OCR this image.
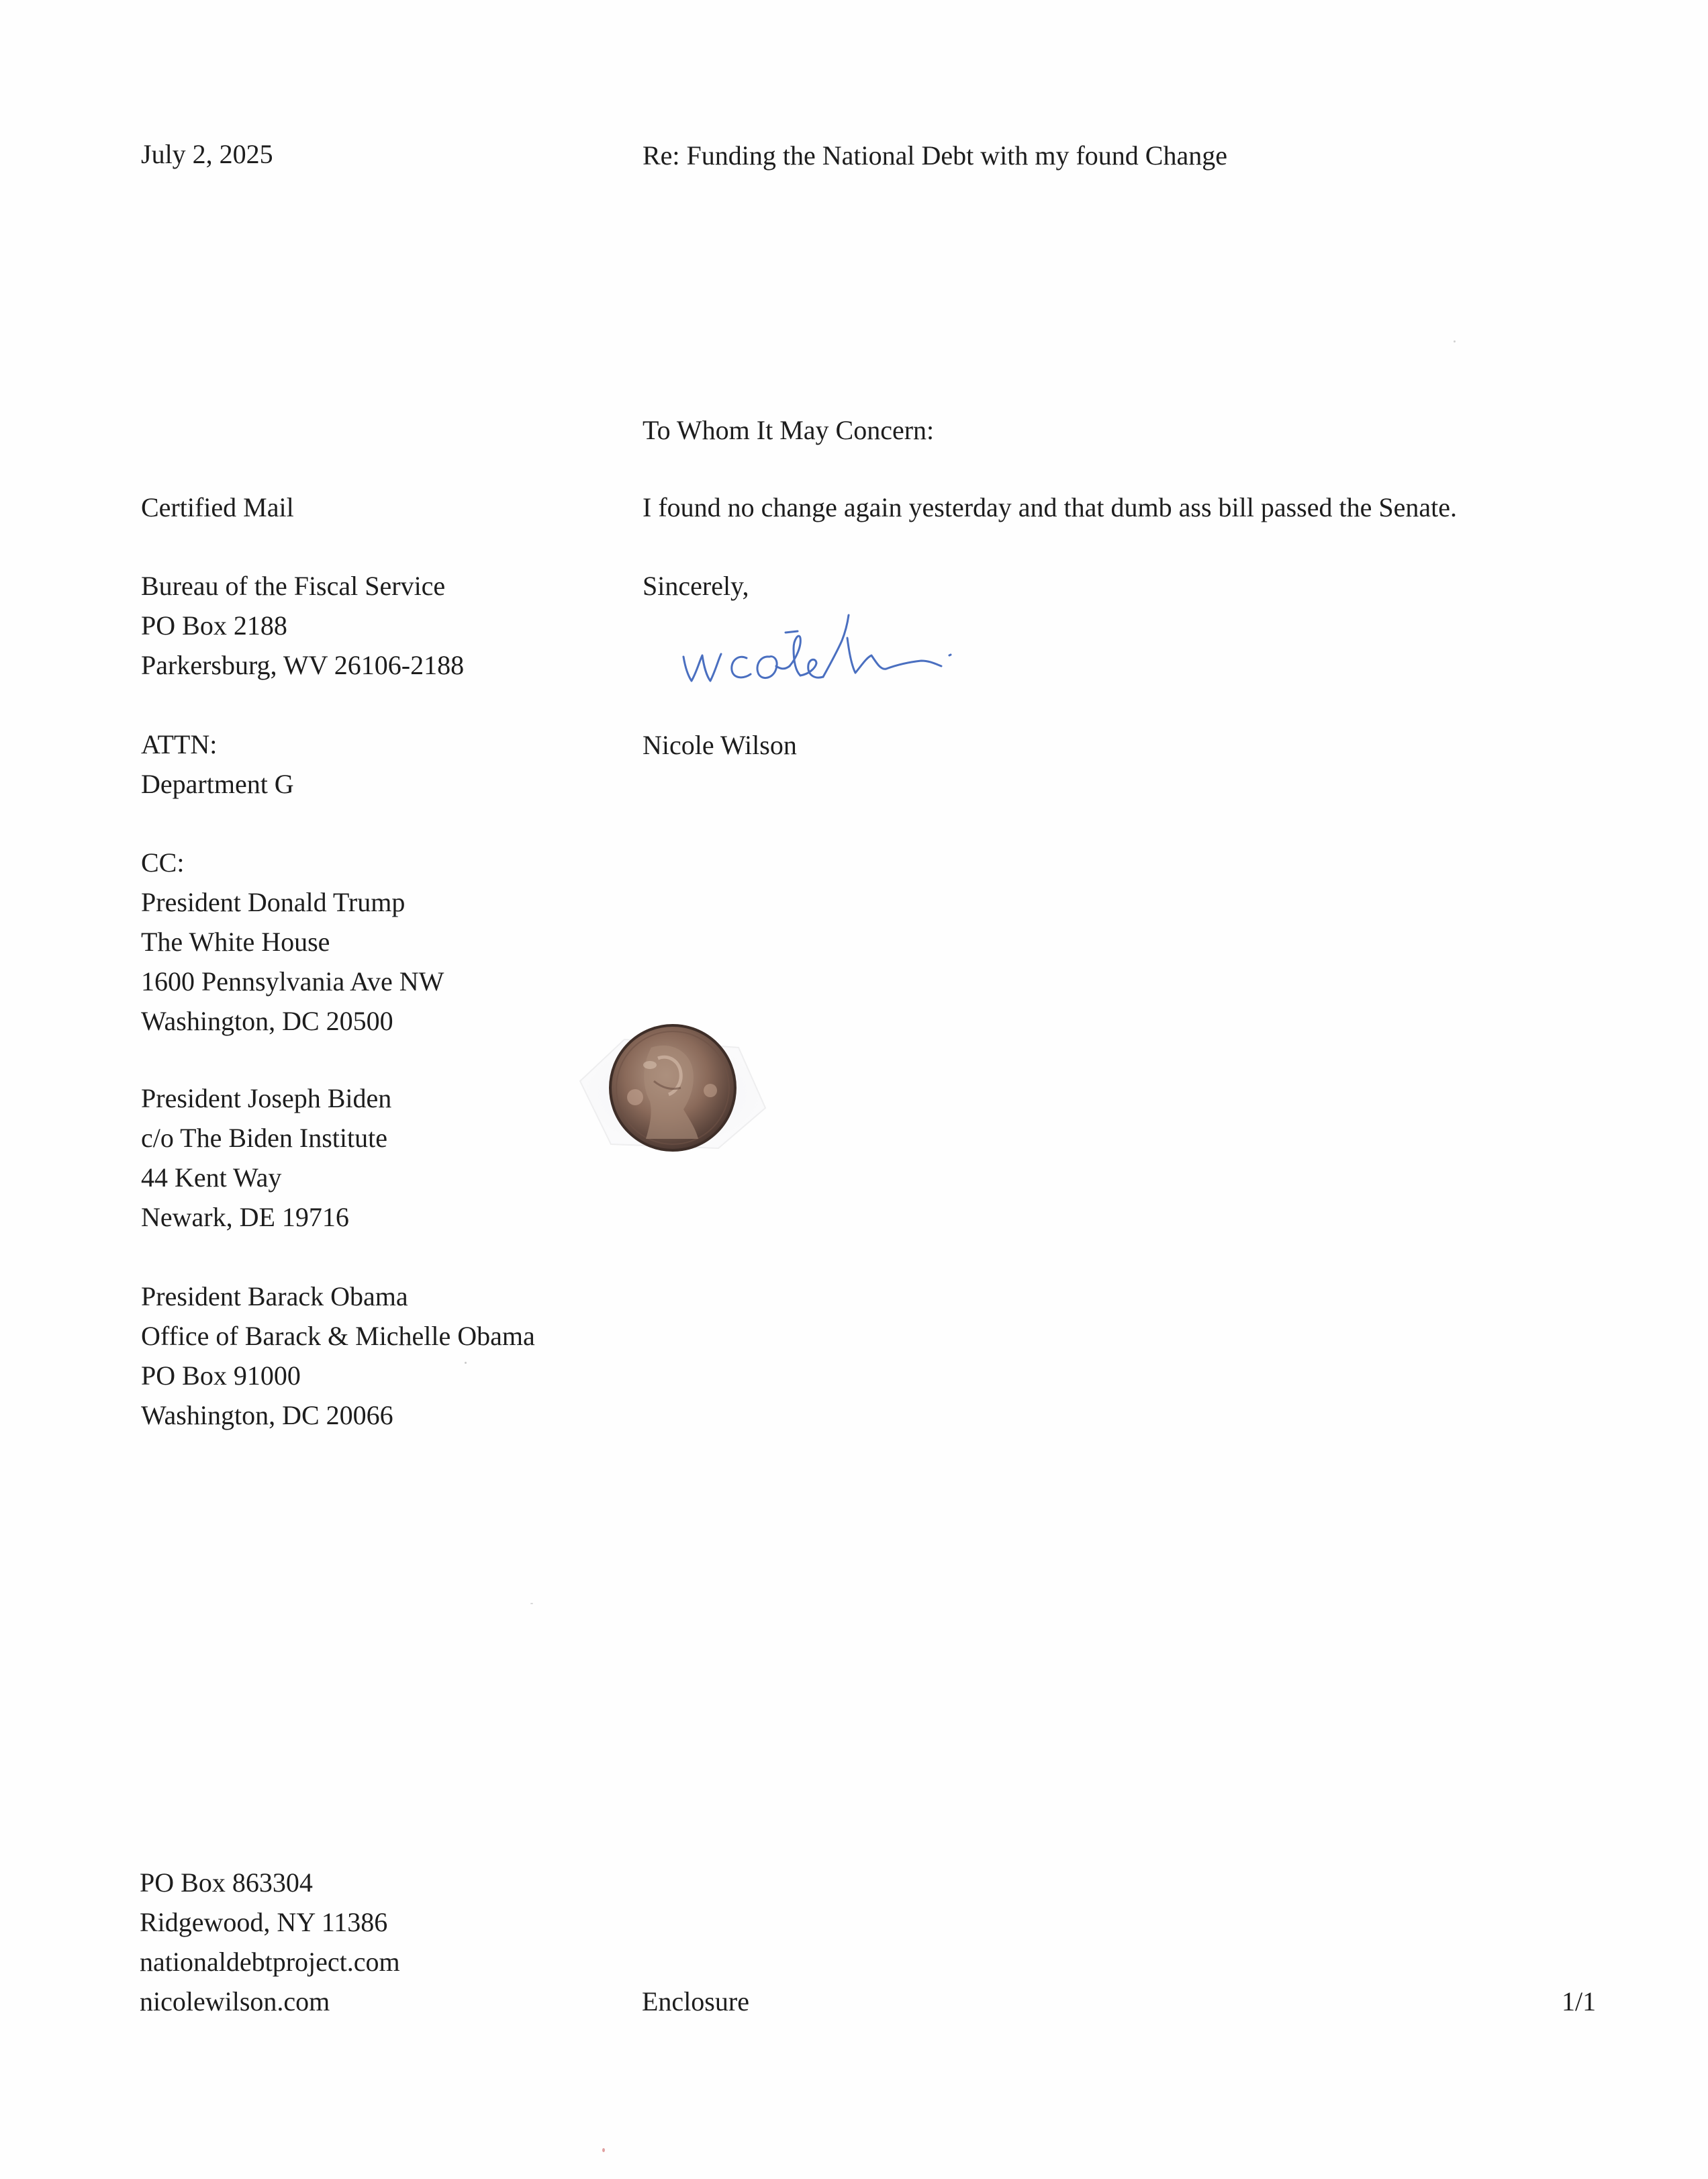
July 2, 2025	Re: Funding the National Debt with my found Change
To Whom It May Concern:
I found no change again yesterday and that dumb ass bill passed the Senate.
Sincerely,
Nicole Wilson
Certified Mail
Bureau of the Fiscal Service
PO Box 2188
Parkersburg, WV 26106-2188
ATTN:
Department G
CC:
President Donald Trump
The White House
1600 Pennsylvania Ave NW
Washington, DC 20500
President Joseph Biden
c/o The Biden Institute
44 Kent Way
Newark, DE 19716
President Barack Obama
Office of Barack & Michelle Obama
PO Box 91000
Washington, DC 20066
PO Box 863304
Ridgewood, NY 11386
nationaldebtproject.com
nicolewilson.com	Enclosure	1/1
